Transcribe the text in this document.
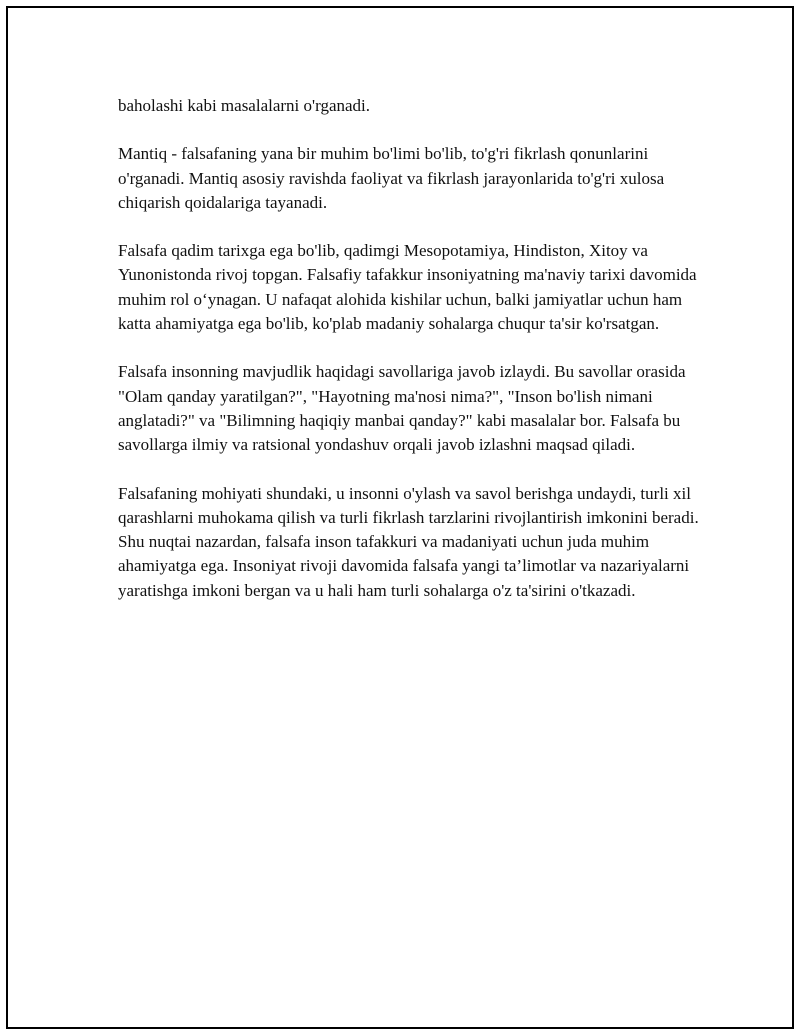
baholashi kabi masalalarni o'rganadi.

Mantiq - falsafaning yana bir muhim bo'limi bo'lib, to'g'ri fikrlash qonunlarini o'rganadi. Mantiq asosiy ravishda faoliyat va fikrlash jarayonlarida to'g'ri xulosa chiqarish qoidalariga tayanadi.

Falsafa qadim tarixga ega bo'lib, qadimgi Mesopotamiya, Hindiston, Xitoy va Yunonistonda rivoj topgan. Falsafiy tafakkur insoniyatning ma'naviy tarixi davomida muhim rol oʻynagan. U nafaqat alohida kishilar uchun, balki jamiyatlar uchun ham katta ahamiyatga ega bo'lib, ko'plab madaniy sohalarga chuqur ta'sir ko'rsatgan.

Falsafa insonning mavjudlik haqidagi savollariga javob izlaydi. Bu savollar orasida "Olam qanday yaratilgan?", "Hayotning ma'nosi nima?", "Inson bo'lish nimani anglatadi?" va "Bilimning haqiqiy manbai qanday?" kabi masalalar bor. Falsafa bu savollarga ilmiy va ratsional yondashuv orqali javob izlashni maqsad qiladi.

Falsafaning mohiyati shundaki, u insonni o'ylash va savol berishga undaydi, turli xil qarashlarni muhokama qilish va turli fikrlash tarzlarini rivojlantirish imkonini beradi. Shu nuqtai nazardan, falsafa inson tafakkuri va madaniyati uchun juda muhim ahamiyatga ega. Insoniyat rivoji davomida falsafa yangi ta’limotlar va nazariyalarni yaratishga imkoni bergan va u hali ham turli sohalarga o'z ta'sirini o'tkazadi.
